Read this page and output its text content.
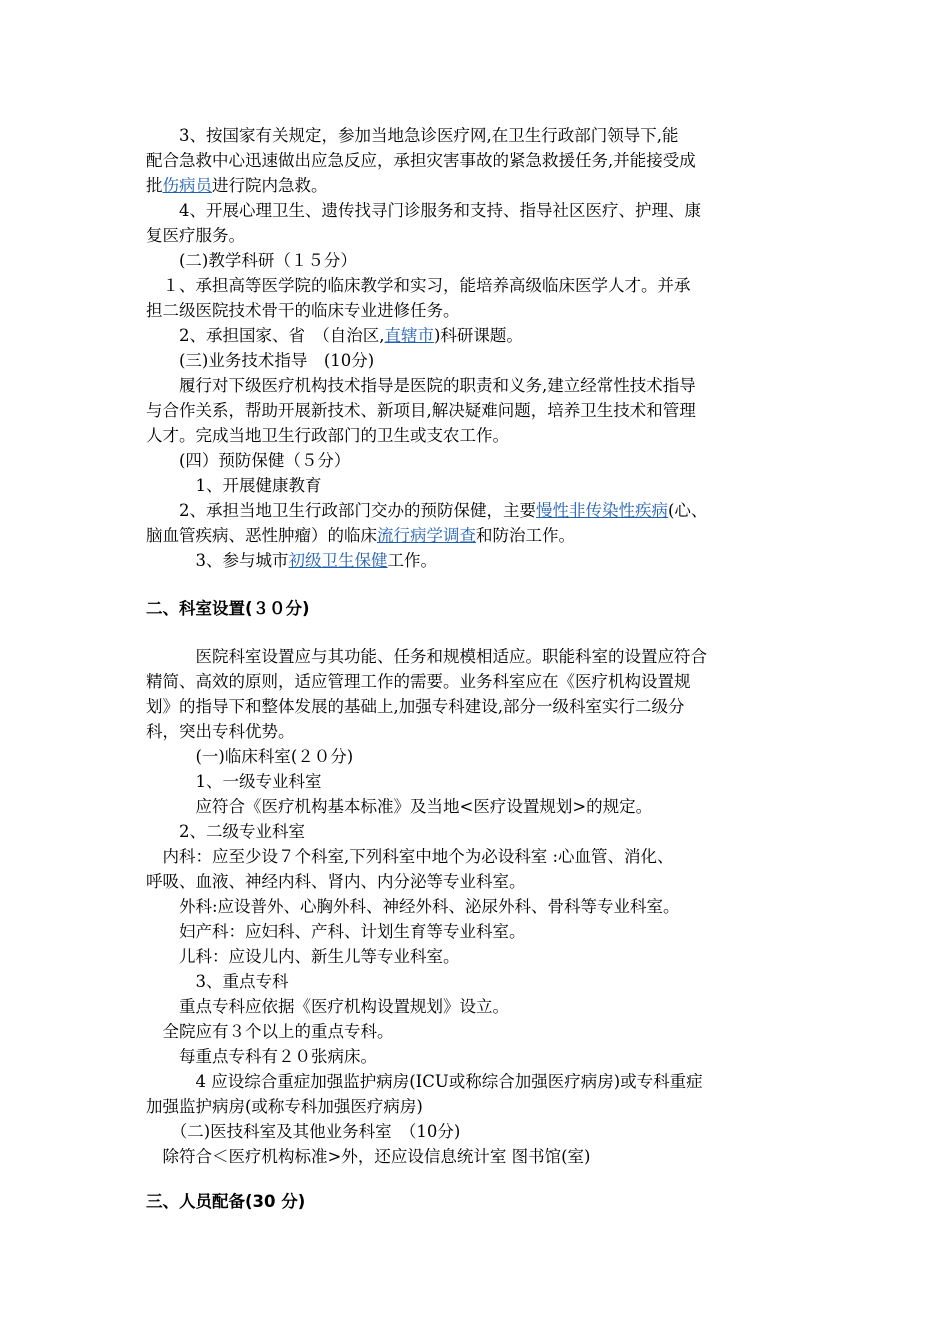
　　3、按国家有关规定，参加当地急诊医疗网,在卫生行政部门领导下,能
配合急救中心迅速做出应急反应，承担灾害事故的紧急救援任务,并能接受成
批伤病员进行院内急救。
　　4、开展心理卫生、遗传找寻门诊服务和支持、指导社区医疗、护理、康
复医疗服务。
　　(二)教学科研（１５分）
　１、承担高等医学院的临床教学和实习，能培养高级临床医学人才。并承
担二级医院技术骨干的临床专业进修任务。
　　2、承担国家、省　（自治区,直辖市)科研课题。
　　(三)业务技术指导　(10分)
　　履行对下级医疗机构技术指导是医院的职责和义务,建立经常性技术指导
与合作关系，帮助开展新技术、新项目,解决疑难问题，培养卫生技术和管理
人才。完成当地卫生行政部门的卫生或支农工作。
　　(四）预防保健（５分）
　　　1、开展健康教育
　　2、承担当地卫生行政部门交办的预防保健，主要慢性非传染性疾病(心、
脑血管疾病、恶性肿瘤）的临床流行病学调查和防治工作。
　　　3、参与城市初级卫生保健工作。
二、科室设置(３０分)
　　　医院科室设置应与其功能、任务和规模相适应。职能科室的设置应符合
精简、高效的原则，适应管理工作的需要。业务科室应在《医疗机构设置规
划》的指导下和整体发展的基础上,加强专科建设,部分一级科室实行二级分
科，突出专科优势。
　　　(一)临床科室(２０分)
　　　1、一级专业科室
　　　应符合《医疗机构基本标准》及当地<医疗设置规划>的规定。
　　2、二级专业科室
　内科：应至少设７个科室,下列科室中地个为必设科室 :心血管、消化、
呼吸、血液、神经内科、肾内、内分泌等专业科室。
　　外科:应设普外、心胸外科、神经外科、泌尿外科、骨科等专业科室。
　　妇产科：应妇科、产科、计划生育等专业科室。
　　儿科：应设儿内、新生儿等专业科室。
　　　3、重点专科
　　重点专科应依据《医疗机构设置规划》设立。
　全院应有３个以上的重点专科。
　　每重点专科有２０张病床。
　　　4 应设综合重症加强监护病房(ICU或称综合加强医疗病房)或专科重症
加强监护病房(或称专科加强医疗病房)
　　（二)医技科室及其他业务科室　（10分)
　除符合＜医疗机构标准>外，还应设信息统计室 图书馆(室)
三、人员配备(30 分)
